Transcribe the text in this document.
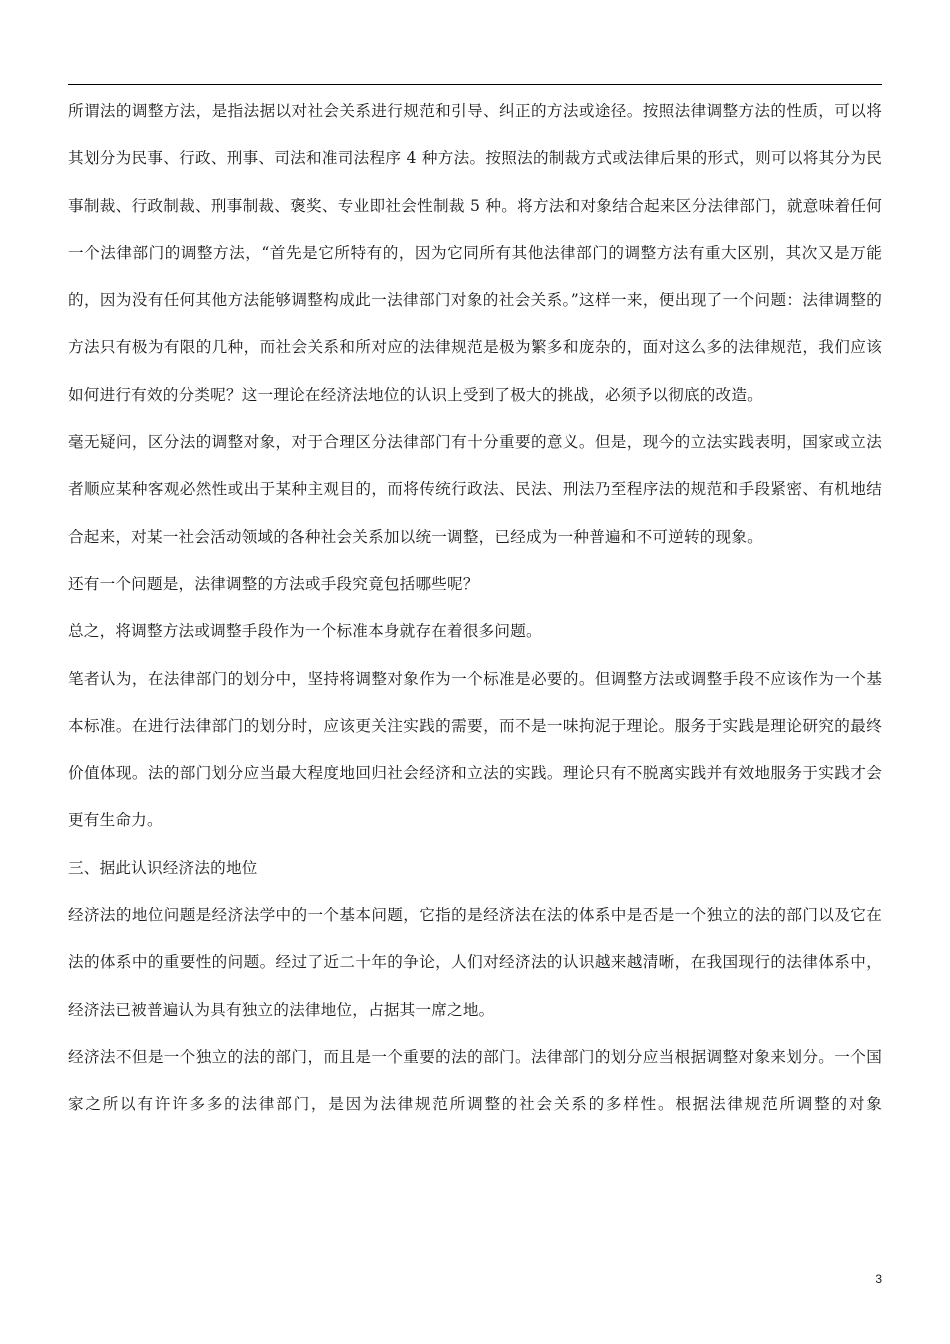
所谓法的调整方法，是指法据以对社会关系进行规范和引导、纠正的方法或途径。按照法律调整方法的性质，可以将其划分为民事、行政、刑事、司法和准司法程序 4 种方法。按照法的制裁方式或法律后果的形式，则可以将其分为民事制裁、行政制裁、刑事制裁、褒奖、专业即社会性制裁 5 种。将方法和对象结合起来区分法律部门，就意味着任何一个法律部门的调整方法，“首先是它所特有的，因为它同所有其他法律部门的调整方法有重大区别，其次又是万能的，因为没有任何其他方法能够调整构成此一法律部门对象的社会关系。”这样一来，便出现了一个问题：法律调整的方法只有极为有限的几种，而社会关系和所对应的法律规范是极为繁多和庞杂的，面对这么多的法律规范，我们应该如何进行有效的分类呢？这一理论在经济法地位的认识上受到了极大的挑战，必须予以彻底的改造。

毫无疑问，区分法的调整对象，对于合理区分法律部门有十分重要的意义。但是，现今的立法实践表明，国家或立法者顺应某种客观必然性或出于某种主观目的，而将传统行政法、民法、刑法乃至程序法的规范和手段紧密、有机地结合起来，对某一社会活动领域的各种社会关系加以统一调整，已经成为一种普遍和不可逆转的现象。

还有一个问题是，法律调整的方法或手段究竟包括哪些呢？

总之，将调整方法或调整手段作为一个标准本身就存在着很多问题。

笔者认为，在法律部门的划分中，坚持将调整对象作为一个标准是必要的。但调整方法或调整手段不应该作为一个基本标准。在进行法律部门的划分时，应该更关注实践的需要，而不是一味拘泥于理论。服务于实践是理论研究的最终价值体现。法的部门划分应当最大程度地回归社会经济和立法的实践。理论只有不脱离实践并有效地服务于实践才会更有生命力。

三、据此认识经济法的地位

经济法的地位问题是经济法学中的一个基本问题，它指的是经济法在法的体系中是否是一个独立的法的部门以及它在法的体系中的重要性的问题。经过了近二十年的争论，人们对经济法的认识越来越清晰，在我国现行的法律体系中，经济法已被普遍认为具有独立的法律地位，占据其一席之地。

经济法不但是一个独立的法的部门，而且是一个重要的法的部门。法律部门的划分应当根据调整对象来划分。一个国家之所以有许许多多的法律部门，是因为法律规范所调整的社会关系的多样性。根据法律规范所调整的对象

3
